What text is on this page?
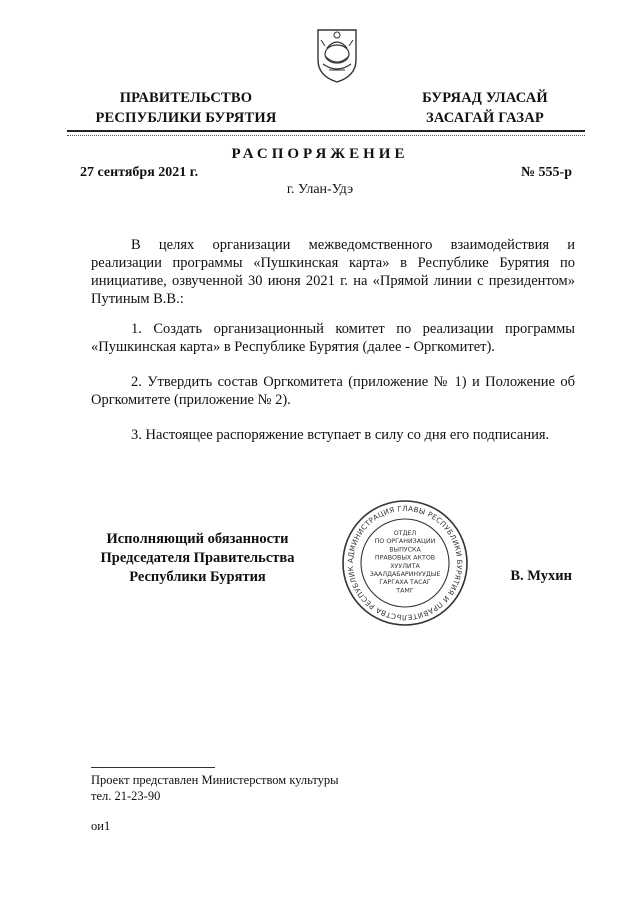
ПРАВИТЕЛЬСТВО
РЕСПУБЛИКИ БУРЯТИЯ
БУРЯАД УЛАСАЙ
ЗАСАГАЙ ГАЗАР
РАСПОРЯЖЕНИЕ
27 сентября 2021 г.	№ 555-р
г. Улан-Удэ
В целях организации межведомственного взаимодействия и реализации программы «Пушкинская карта» в Республике Бурятия по инициативе, озвученной 30 июня 2021 г. на «Прямой линии с президентом» Путиным В.В.:
1. Создать организационный комитет по реализации программы «Пушкинская карта» в Республике Бурятия (далее - Оргкомитет).
2. Утвердить состав Оргкомитета (приложение № 1) и Положение об Оргкомитете (приложение № 2).
3. Настоящее распоряжение вступает в силу со дня его подписания.
Исполняющий обязанности
Председателя Правительства
Республики Бурятия	В. Мухин
АДМИНИСТРАЦИЯ ГЛАВЫ РЕСПУБЛИКИ БУРЯТИЯ И ПРАВИТЕЛЬСТВА РЕСПУБЛИК
ОТДЕЛ
ПО ОРГАНИЗАЦИИ
ВЫПУСКА
ПРАВОВЫХ АКТОВ
ХУУЛИТА
ЗААЛДАБАРИНУУДЫЕ
ГАРГАХА ТАСАГ
ТАМГ
Проект представлен Министерством культуры
тел. 21-23-90
ои1
